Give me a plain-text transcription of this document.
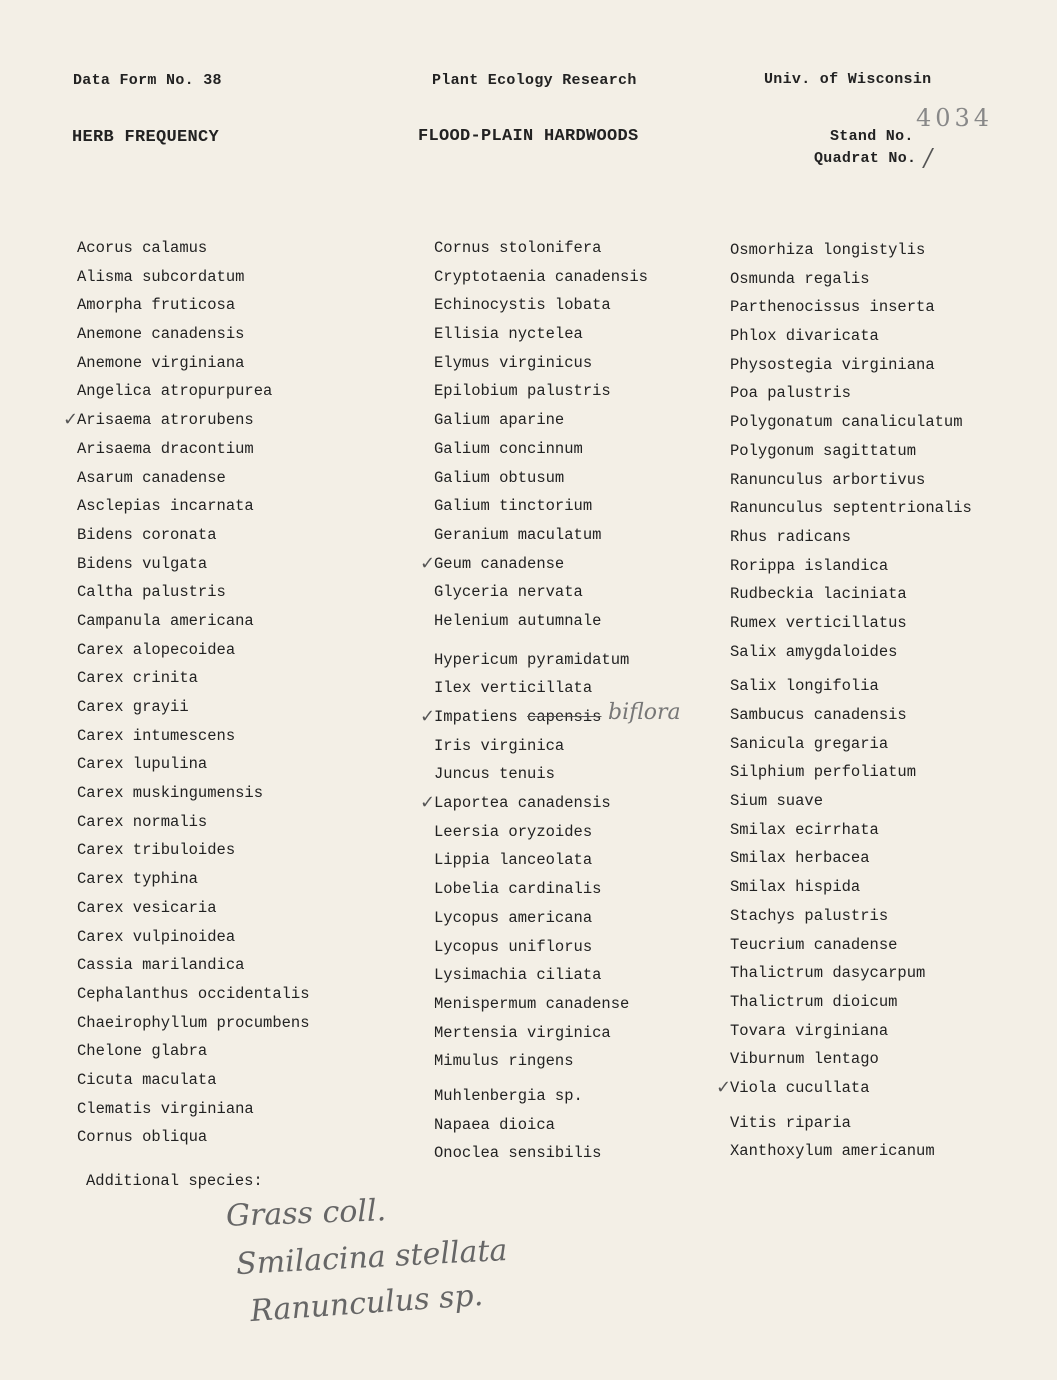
Data Form No. 38	Plant Ecology Research	Univ. of Wisconsin
HERB FREQUENCY	FLOOD-PLAIN HARDWOODS	Stand No.
Quadrat No.
4034
/
Acorus calamus
Alisma subcordatum
Amorpha fruticosa
Anemone canadensis
Anemone virginiana
Angelica atropurpurea
✓
Arisaema atrorubens
Arisaema dracontium
Asarum canadense
Asclepias incarnata
Bidens coronata
Bidens vulgata
Caltha palustris
Campanula americana
Carex alopecoidea
Carex crinita
Carex grayii
Carex intumescens
Carex lupulina
Carex muskingumensis
Carex normalis
Carex tribuloides
Carex typhina
Carex vesicaria
Carex vulpinoidea
Cassia marilandica
Cephalanthus occidentalis
Chaeirophyllum procumbens
Chelone glabra
Cicuta maculata
Clematis virginiana
Cornus obliqua
Cornus stolonifera
Cryptotaenia canadensis
Echinocystis lobata
Ellisia nyctelea
Elymus virginicus
Epilobium palustris
Galium aparine
Galium concinnum
Galium obtusum
Galium tinctorium
Geranium maculatum
✓
Geum canadense
Glyceria nervata
Helenium autumnale
Hypericum pyramidatum
Ilex verticillata
✓
Impatiens capensis biflora
Iris virginica
Juncus tenuis
✓
Laportea canadensis
Leersia oryzoides
Lippia lanceolata
Lobelia cardinalis
Lycopus americana
Lycopus uniflorus
Lysimachia ciliata
Menispermum canadense
Mertensia virginica
Mimulus ringens
Muhlenbergia sp.
Napaea dioica
Onoclea sensibilis
Osmorhiza longistylis
Osmunda regalis
Parthenocissus inserta
Phlox divaricata
Physostegia virginiana
Poa palustris
Polygonatum canaliculatum
Polygonum sagittatum
Ranunculus arbortivus
Ranunculus septentrionalis
Rhus radicans
Rorippa islandica
Rudbeckia laciniata
Rumex verticillatus
Salix amygdaloides
Salix longifolia
Sambucus canadensis
Sanicula gregaria
Silphium perfoliatum
Sium suave
Smilax ecirrhata
Smilax herbacea
Smilax hispida
Stachys palustris
Teucrium canadense
Thalictrum dasycarpum
Thalictrum dioicum
Tovara virginiana
Viburnum lentago
✓
Viola cucullata
Vitis riparia
Xanthoxylum americanum
Additional species:
Grass coll.
Smilacina stellata
Ranunculus sp.
